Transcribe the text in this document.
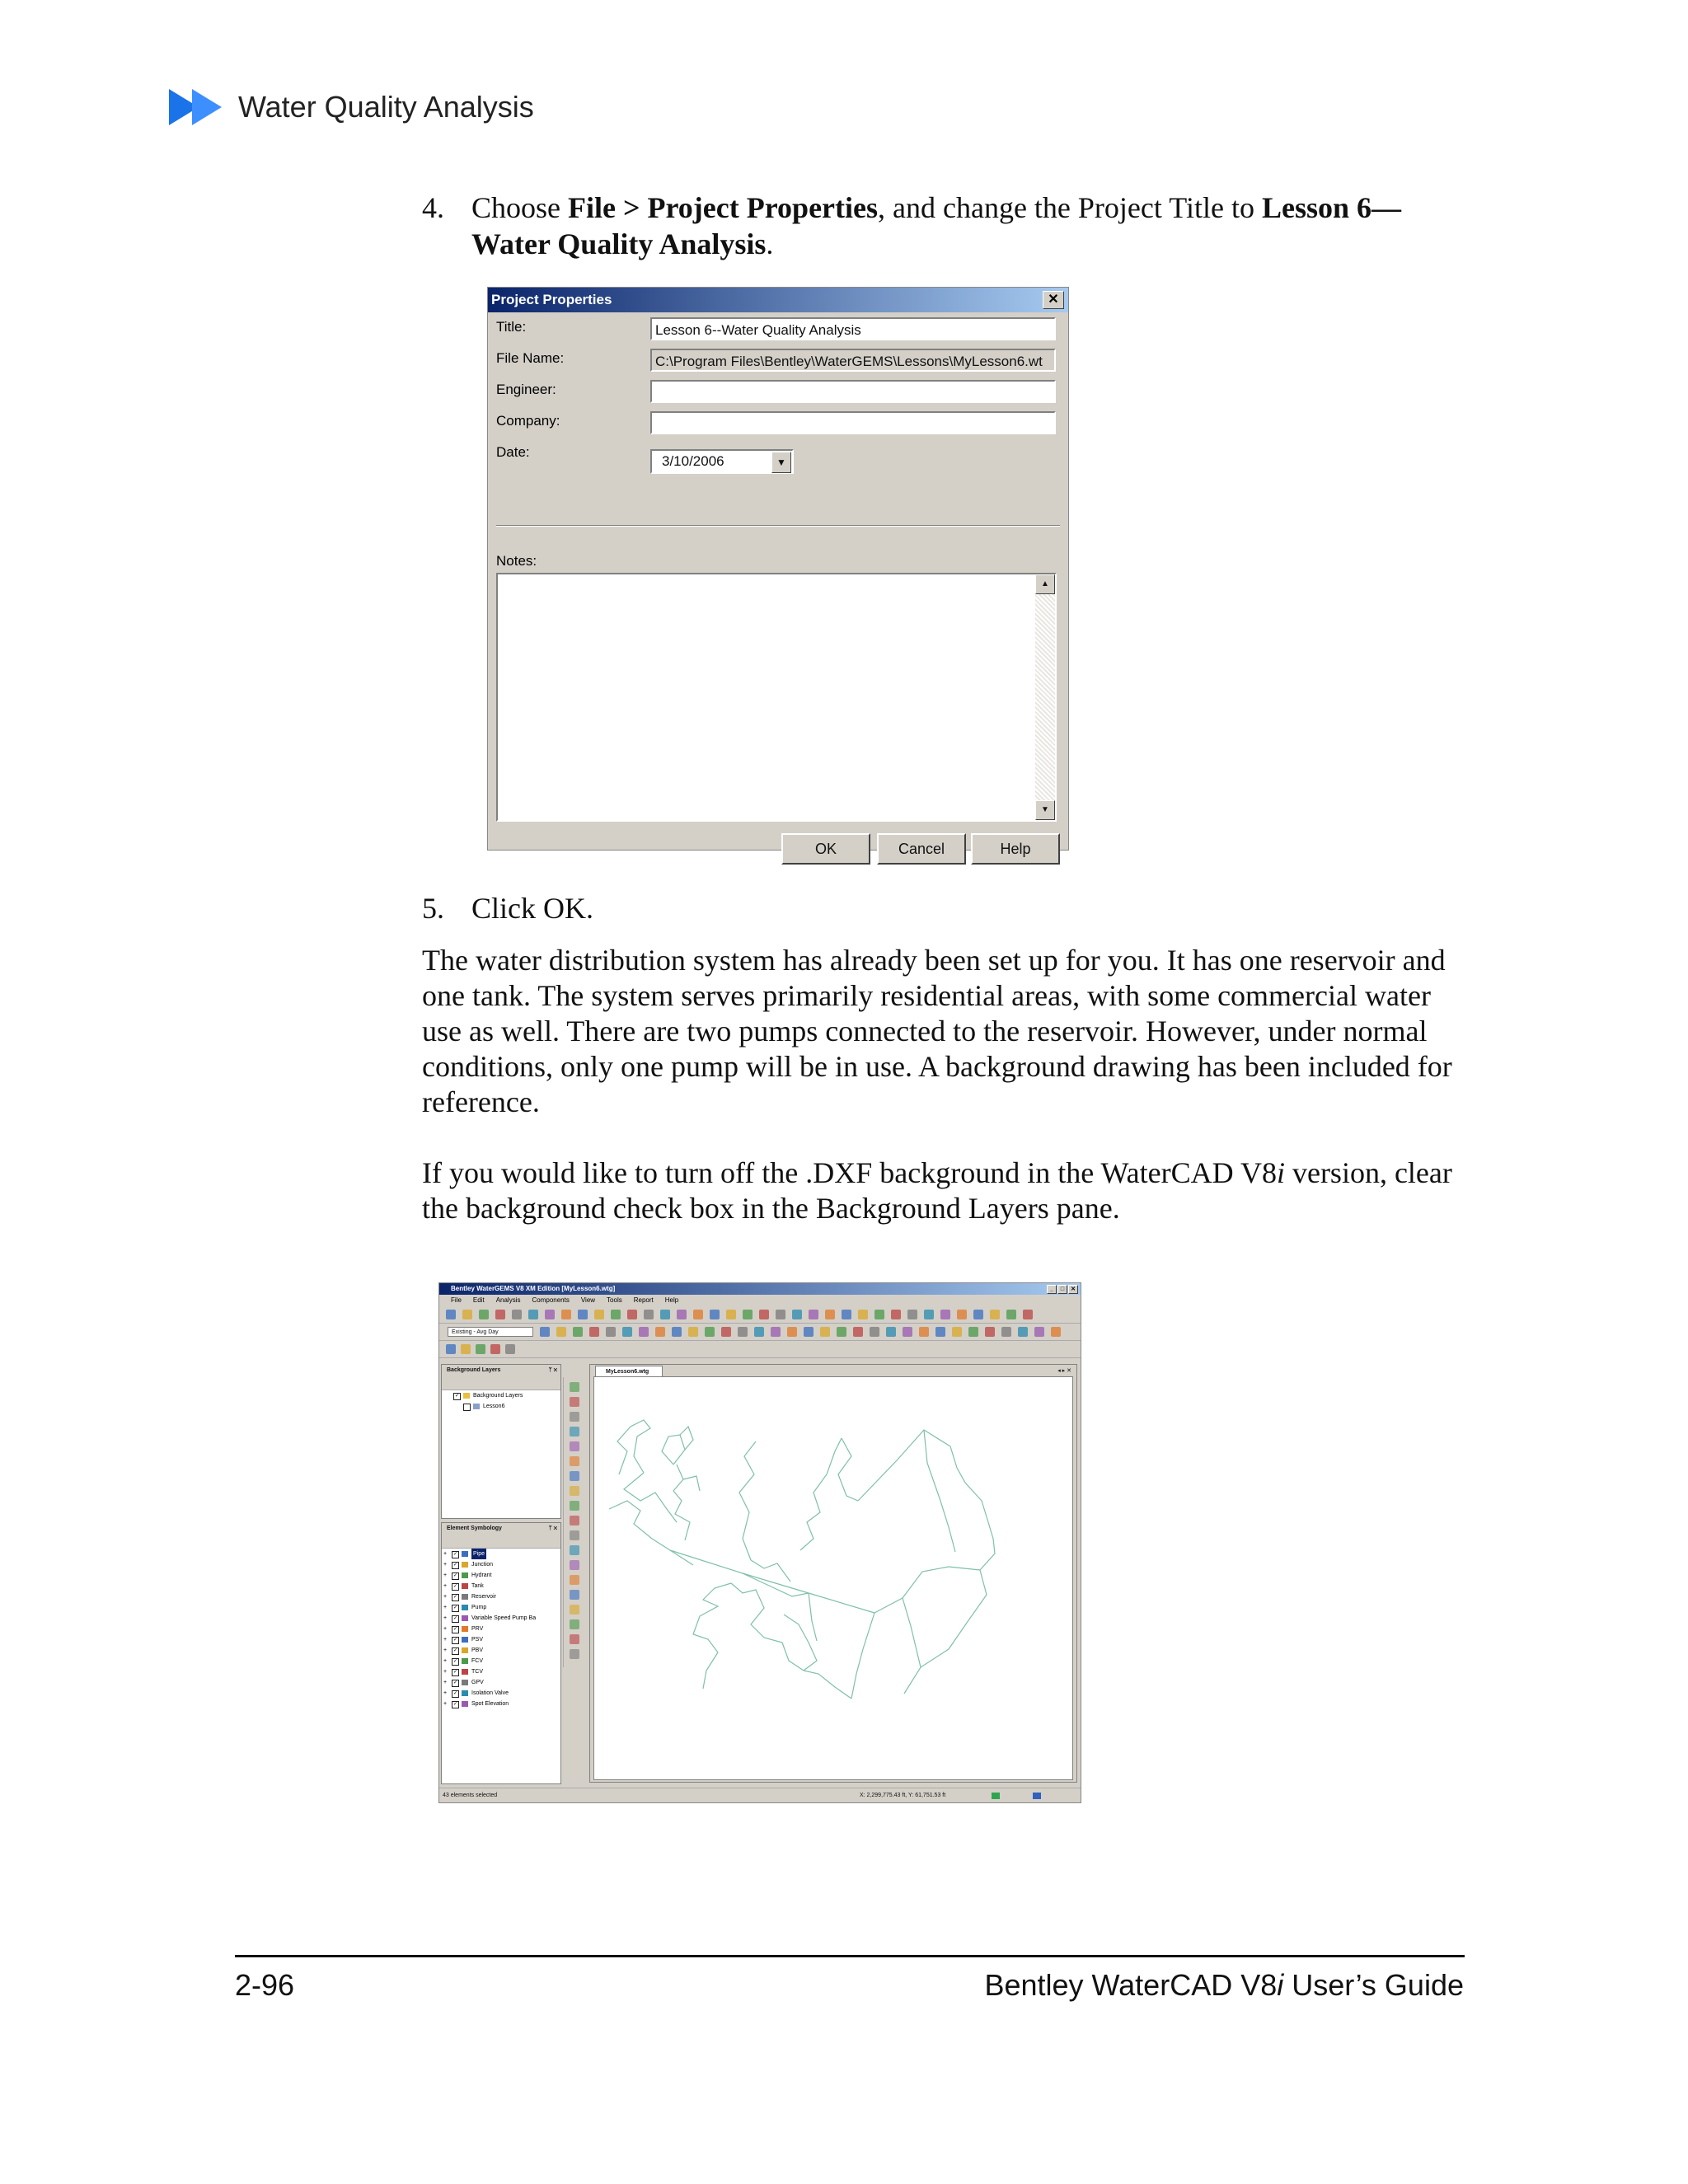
Water Quality Analysis
4. Choose File > Project Properties, and change the Project Title to Lesson 6—Water Quality Analysis.
Project Properties	✕
Title:	Lesson 6--Water Quality Analysis
File Name:	C:\Program Files\Bentley\WaterGEMS\Lessons\MyLesson6.wt
Engineer:
Company:
Date:
3/10/2006	▼
Notes:
▲
▼
OK	Cancel	Help
5. Click OK.
The water distribution system has already been set up for you. It has one reservoir and one tank. The system serves primarily residential areas, with some commercial water use as well. There are two pumps connected to the reservoir. However, under normal conditions, only one pump will be in use. A background drawing has been included for reference.
If you would like to turn off the .DXF background in the WaterCAD V8i version, clear the background check box in the Background Layers pane.
Bentley WaterGEMS V8 XM Edition [MyLesson6.wtg]	_	□	✕
File Edit Analysis Components View Tools Report Help
Existing - Avg Day
Background Layers	ᛘ ✕
✓ Background Layers
Lesson6
Element Symbology	ᛘ ✕
+	✓	Pipe
+	✓ Junction
+	✓ Hydrant
+	✓ Tank
+	✓ Reservoir
+	✓ Pump
+	✓ Variable Speed Pump Ba
+	✓ PRV
+	✓ PSV
+	✓ PBV
+	✓ FCV
+	✓ TCV
+	✓ GPV
+	✓ Isolation Valve
+	✓ Spot Elevation
MyLesson6.wtg	◂ ▸ ✕
43 elements selected	X: 2,299,775.43 ft, Y: 61,751.53 ft
2-96	Bentley WaterCAD V8i User’s Guide
